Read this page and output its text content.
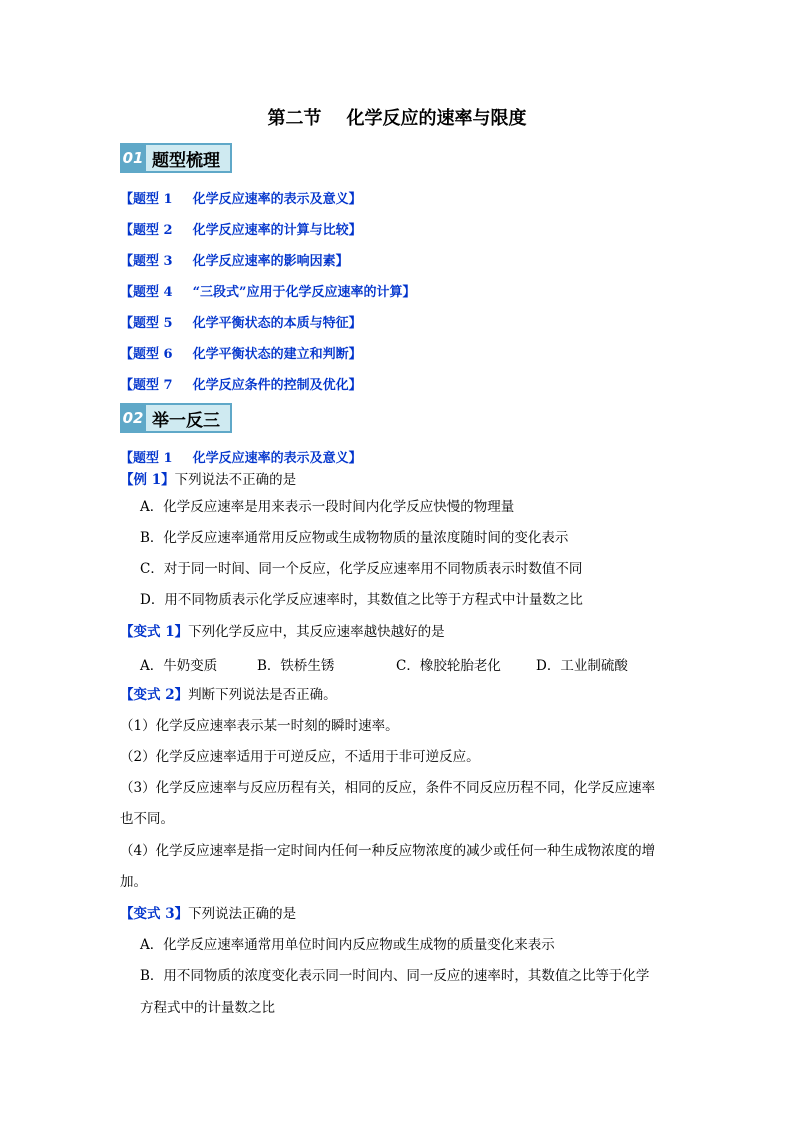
第二节    化学反应的速率与限度
01 题型梳理
【题型 1 化学反应速率的表示及意义】
【题型 2 化学反应速率的计算与比较】
【题型 3 化学反应速率的影响因素】
【题型 4 “三段式”应用于化学反应速率的计算】
【题型 5 化学平衡状态的本质与特征】
【题型 6 化学平衡状态的建立和判断】
【题型 7 化学反应条件的控制及优化】
02 举一反三
【题型 1 化学反应速率的表示及意义】
【例 1】下列说法不正确的是
A．化学反应速率是用来表示一段时间内化学反应快慢的物理量
B．化学反应速率通常用反应物或生成物物质的量浓度随时间的变化表示
C．对于同一时间、同一个反应，化学反应速率用不同物质表示时数值不同
D．用不同物质表示化学反应速率时，其数值之比等于方程式中计量数之比
【变式 1】下列化学反应中，其反应速率越快越好的是
A．牛奶变质	B．铁桥生锈	C．橡胶轮胎老化	D．工业制硫酸
【变式 2】判断下列说法是否正确。
（1）化学反应速率表示某一时刻的瞬时速率。
（2）化学反应速率适用于可逆反应，不适用于非可逆反应。
（3）化学反应速率与反应历程有关，相同的反应，条件不同反应历程不同，化学反应速率
也不同。
（4）化学反应速率是指一定时间内任何一种反应物浓度的减少或任何一种生成物浓度的增
加。
【变式 3】下列说法正确的是
A．化学反应速率通常用单位时间内反应物或生成物的质量变化来表示
B．用不同物质的浓度变化表示同一时间内、同一反应的速率时，其数值之比等于化学
方程式中的计量数之比
